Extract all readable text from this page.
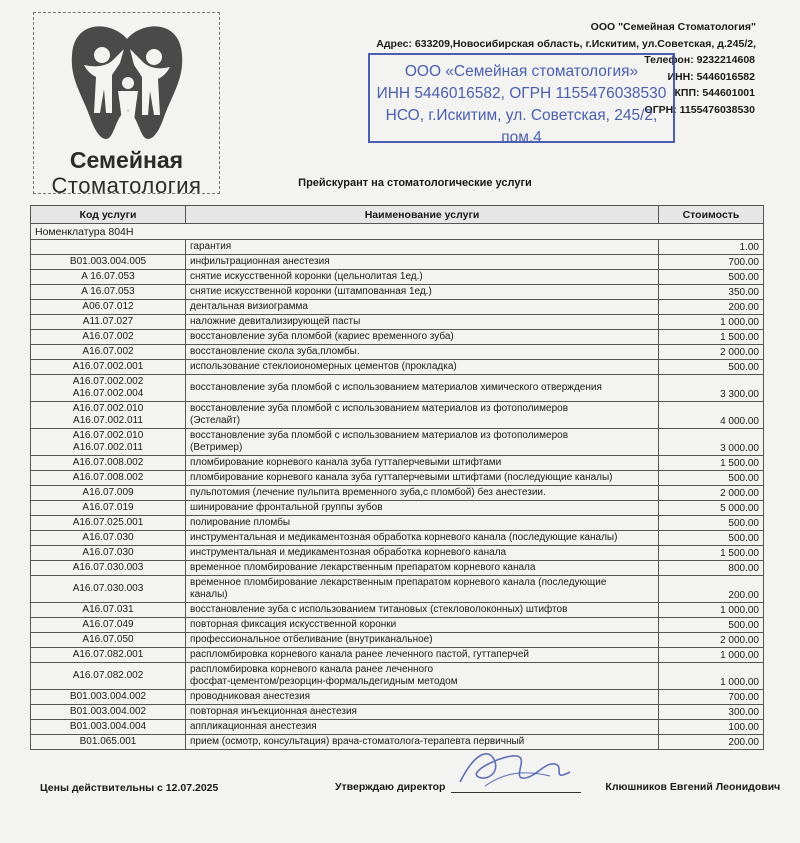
Семейная
Стоматология
ООО "Семейная Стоматология"
Адрес: 633209,Новосибирская область, г.Искитим, ул.Советская, д.245/2,
Телефон: 9232214608
ИНН: 5446016582
КПП: 544601001
ОГРН: 1155476038530
ООО «Семейная стоматология»
ИНН 5446016582, ОГРН 1155476038530
НСО, г.Искитим, ул. Советская, 245/2, пом.4
Прейскурант на стоматологические услуги
Код услуги	Наименование услуги	Стоимость
Номенклатура 804Н		
	гарантия	1.00
B01.003.004.005	инфильтрационная анестезия	700.00
A 16.07.053	снятие искусственной коронки (цельнолитая 1ед.)	500.00
A 16.07.053	снятие искусственной коронки (штампованная 1ед.)	350.00
A06.07.012	дентальная визиограмма	200.00
A11.07.027	наложние девитализирующей пасты	1 000.00
A16.07.002	восстановление зуба пломбой (кариес временного зуба)	1 500.00
A16.07.002	восстановление скола зуба,пломбы.	2 000.00
A16.07.002.001	использование стеклоиономерных цементов (прокладка)	500.00
A16.07.002.002
A16.07.002.004	восстановление зуба пломбой с использованием материалов химического отверждения	3 300.00
A16.07.002.010
A16.07.002.011	восстановление зуба пломбой с использованием материалов из фотополимеров
(Эстелайт)	4 000.00
A16.07.002.010
A16.07.002.011	восстановление зуба пломбой с использованием материалов из фотополимеров
(Ветример)	3 000.00
A16.07.008.002	пломбирование корневого канала зуба гуттаперчевыми штифтами	1 500.00
A16.07.008.002	пломбирование корневого канала зуба гуттаперчевыми штифтами (последующие каналы)	500.00
A16.07.009	пульпотомия (лечение пульпита временного зуба,с пломбой) без анестезии.	2 000.00
A16.07.019	шинирование фронтальной группы зубов	5 000.00
A16.07.025.001	полирование пломбы	500.00
A16.07.030	инструментальная и медикаментозная обработка корневого канала (последующие каналы)	500.00
A16.07.030	инструментальная и медикаментозная обработка корневого канала	1 500.00
A16.07.030.003	временное пломбирование лекарственным препаратом корневого канала	800.00
A16.07.030.003	временное пломбирование лекарственным препаратом корневого канала (последующие
каналы)	200.00
A16.07.031	восстановление зуба с использованием титановых (стекловолоконных) штифтов	1 000.00
A16.07.049	повторная фиксация искусственной коронки	500.00
A16.07.050	профессиональное отбеливание (внутриканальное)	2 000.00
A16.07.082.001	распломбировка корневого канала ранее леченного пастой, гуттаперчей	1 000.00
A16.07.082.002	распломбировка корневого канала ранее леченного
фосфат-цементом/резорцин-формальдегидным методом	1 000.00
B01.003.004.002	проводниковая анестезия	700.00
B01.003.004.002	повторная инъекционная анестезия	300.00
B01.003.004.004	аппликационная анестезия	100.00
B01.065.001	прием (осмотр, консультация) врача-стоматолога-терапевта первичный	200.00
Цены действительны с 12.07.2025	Утверждаю директор	Клюшников Евгений Леонидович
